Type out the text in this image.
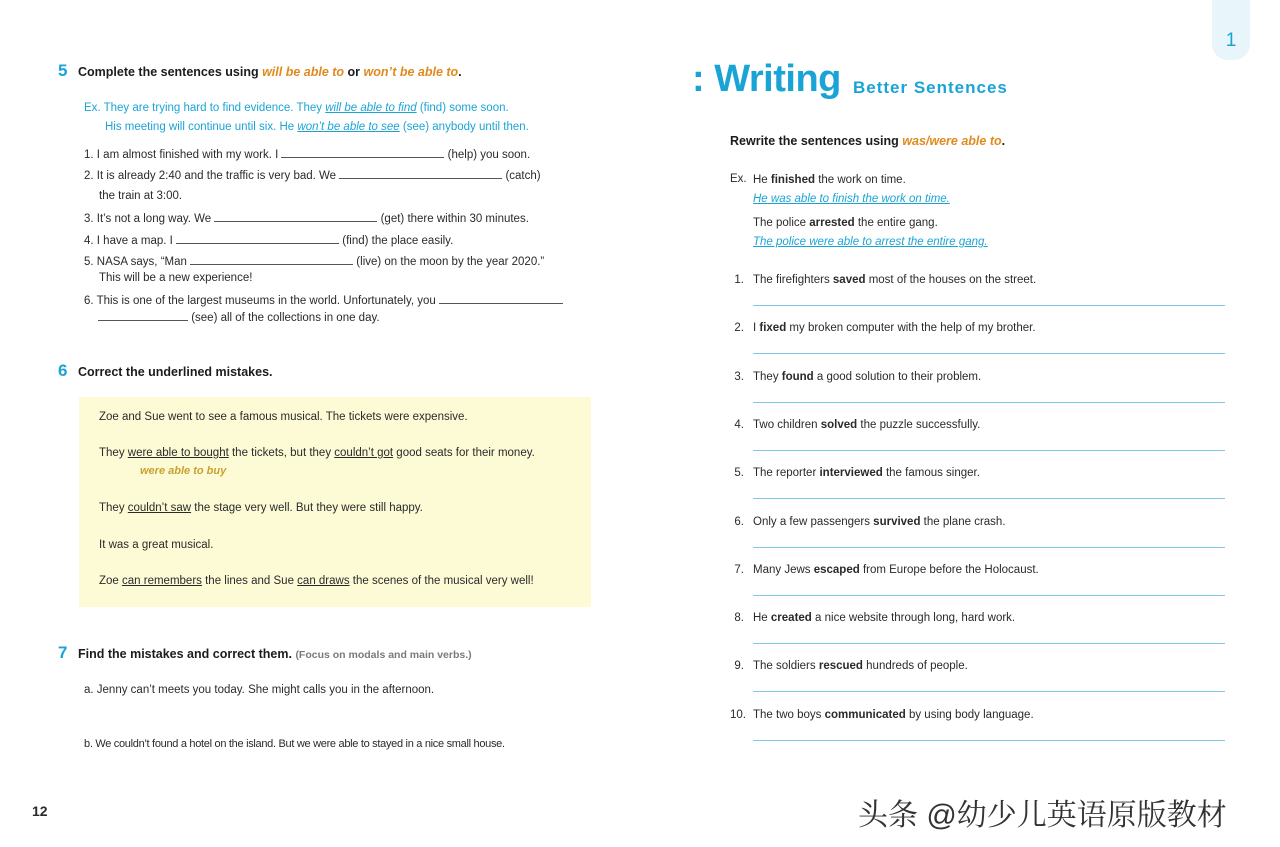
5 Complete the sentences using will be able to or won’t be able to.
Ex. They are trying hard to find evidence. They will be able to find (find) some soon.
His meeting will continue until six. He won’t be able to see (see) anybody until then.
1. I am almost finished with my work. I	(help) you soon.
2. It is already 2:40 and the traffic is very bad. We	(catch)
the train at 3:00.
3. It’s not a long way. We	(get) there within 30 minutes.
4. I have a map. I	(find) the place easily.
5. NASA says, “Man	(live) on the moon by the year 2020.”
This will be a new experience!
6. This is one of the largest museums in the world. Unfortunately, you
(see) all of the collections in one day.
6 Correct the underlined mistakes.
Zoe and Sue went to see a famous musical. The tickets were expensive.
They were able to bought the tickets, but they couldn’t got good seats for their money.
were able to buy
They couldn’t saw the stage very well. But they were still happy.
It was a great musical.
Zoe can remembers the lines and Sue can draws the scenes of the musical very well!
7 Find the mistakes and correct them. (Focus on modals and main verbs.)
a. Jenny can’t meets you today. She might calls you in the afternoon.
b. We couldn’t found a hotel on the island. But we were able to stayed in a nice small house.
12
1
: Writing Better Sentences
Rewrite the sentences using was/were able to.
Ex. He finished the work on time.
He was able to finish the work on time.
The police arrested the entire gang.
The police were able to arrest the entire gang.
1. The firefighters saved most of the houses on the street.
2. I fixed my broken computer with the help of my brother.
3. They found a good solution to their problem.
4. Two children solved the puzzle successfully.
5. The reporter interviewed the famous singer.
6. Only a few passengers survived the plane crash.
7. Many Jews escaped from Europe before the Holocaust.
8. He created a nice website through long, hard work.
9. The soldiers rescued hundreds of people.
10. The two boys communicated by using body language.
头条 @幼少儿英语原版教材
